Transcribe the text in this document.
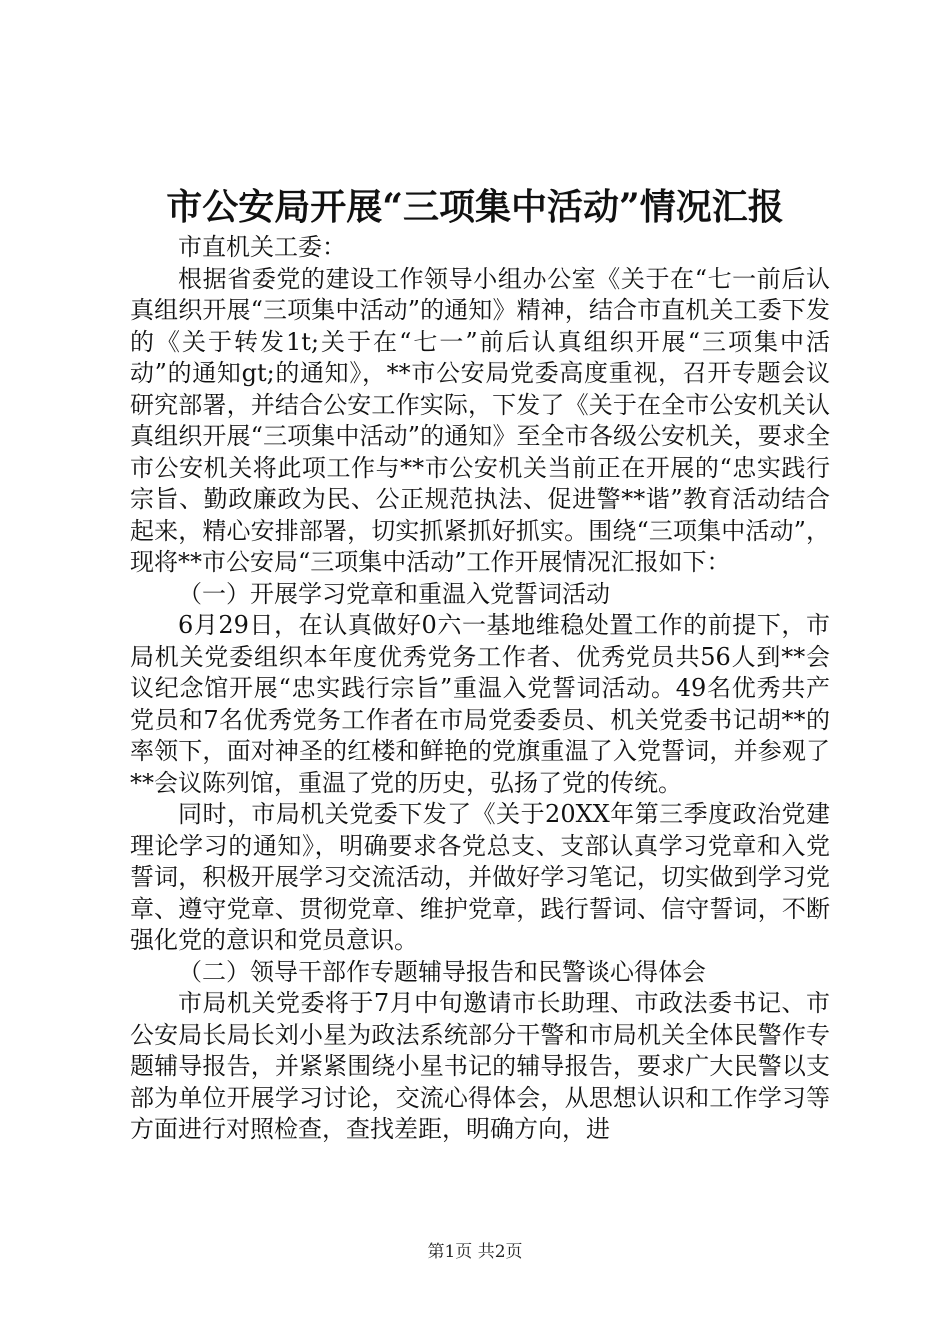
市公安局开展“三项集中活动”情况汇报

市直机关工委：

根据省委党的建设工作领导小组办公室《关于在“七一前后认真组织开展“三项集中活动”的通知》精神，结合市直机关工委下发的《关于转发1t;关于在“七一”前后认真组织开展“三项集中活动”的通知gt;的通知》，**市公安局党委高度重视，召开专题会议研究部署，并结合公安工作实际，下发了《关于在全市公安机关认真组织开展“三项集中活动”的通知》至全市各级公安机关，要求全市公安机关将此项工作与**市公安机关当前正在开展的“忠实践行宗旨、勤政廉政为民、公正规范执法、促进警**谐”教育活动结合起来，精心安排部署，切实抓紧抓好抓实。围绕“三项集中活动”，现将**市公安局“三项集中活动”工作开展情况汇报如下：

（一）开展学习党章和重温入党誓词活动

6月29日，在认真做好0六一基地维稳处置工作的前提下，市局机关党委组织本年度优秀党务工作者、优秀党员共56人到**会议纪念馆开展“忠实践行宗旨”重温入党誓词活动。49名优秀共产党员和7名优秀党务工作者在市局党委委员、机关党委书记胡**的率领下，面对神圣的红楼和鲜艳的党旗重温了入党誓词，并参观了**会议陈列馆，重温了党的历史，弘扬了党的传统。

同时，市局机关党委下发了《关于20XX年第三季度政治党建理论学习的通知》，明确要求各党总支、支部认真学习党章和入党誓词，积极开展学习交流活动，并做好学习笔记，切实做到学习党章、遵守党章、贯彻党章、维护党章，践行誓词、信守誓词，不断强化党的意识和党员意识。

（二）领导干部作专题辅导报告和民警谈心得体会

市局机关党委将于7月中旬邀请市长助理、市政法委书记、市公安局长局长刘小星为政法系统部分干警和市局机关全体民警作专题辅导报告，并紧紧围绕小星书记的辅导报告，要求广大民警以支部为单位开展学习讨论，交流心得体会，从思想认识和工作学习等方面进行对照检查，查找差距，明确方向，进

第1页 共2页
